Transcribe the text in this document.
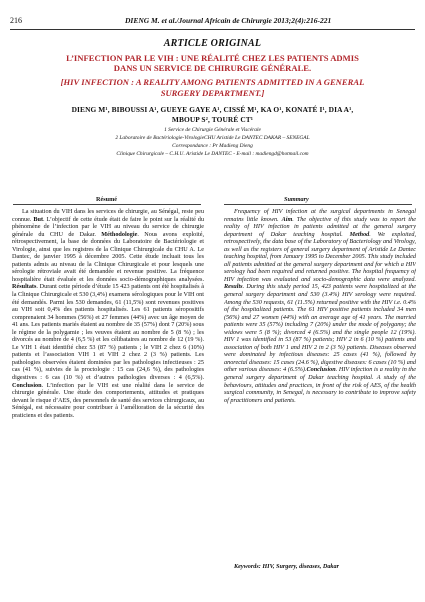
216	DIENG M. et al./Journal Africain de Chirurgie 2013;2(4):216-221
ARTICLE ORIGINAL
L’INFECTION PAR LE VIH : UNE RÉALITÉ CHEZ LES PATIENTS ADMIS
DANS UN SERVICE DE CHIRURGIE GÉNÉRALE.
[HIV INFECTION : A REALITY AMONG PATIENTS ADMITTED IN A GENERAL
SURGERY DEPARTMENT.]
DIENG M¹, BIBOUSSI A¹, GUEYE GAYE A¹, CISSÉ M¹, KA O¹, KONATÉ I¹, DIA A¹,
MBOUP S², TOURÉ CT¹
1 Service de Chirurgie Générale et Viscérale
2 Laboratoire de Bactériologie-VirologieCHU Aristide Le DANTEC DAKAR – SENEGAL
Correspondance : Pr Madieng Dieng
Clinique Chirurgicale – C.H.U. Aristide Le DANTEC - E-mail : madiengd@hotmail.com
Résumé

La situation du VIH dans les services de chirurgie, au Sénégal, reste peu connue. But. L’objectif de cette étude était de faire le point sur la réalité du phénomène de l’infection par le VIH au niveau du service de chirurgie générale du CHU de Dakar. Méthodologie. Nous avons exploité, rétrospectivement, la base de données du Laboratoire de Bactériologie et Virologie, ainsi que les registres de la Clinique Chirurgicale du CHU A. Le Dantec, de janvier 1995 à décembre 2005. Cette étude incluait tous les patients admis au niveau de la Clinique Chirurgicale et pour lesquels une sérologie rétroviale avait été demandée et revenue positive. La fréquence hospitalière était évaluée et les données socio-démographiques analysées. Résultats. Durant cette période d’étude 15 423 patients ont été hospitalisés à la Clinique Chirurgicale et 530 (3,4%) examens sérologiques pour le VIH ont été demandés. Parmi les 530 demandes, 61 (11,5%) sont revenues positives au VIH soit 0,4% des patients hospitalisés. Les 61 patients séropositifs comprenaient 34 hommes (56%) et 27 femmes (44%) avec un âge moyen de 41 ans. Les patients mariés étaient au nombre de 35 (57%) dont 7 (20%) sous le régime de la polygamie ; les veuves étaient au nombre de 5 (8 %) ; les divorcés au nombre de 4 (6,5 %) et les célibataires au nombre de 12 (19 %). Le VIH 1 était identifié chez 53 (87 %) patients ; le VIH 2 chez 6 (10%) patients et l’association VIH 1 et VIH 2 chez 2 (3 %) patients. Les pathologies observées étaient dominées par les pathologies infectieuses : 25 cas (41 %), suivies de la proctologie : 15 cas (24,6 %), des pathologies digestives : 6 cas (10 %) et d’autres pathologies diverses : 4 (6,5%). Conclusion. L’infection par le VIH est une réalité dans le service de chirurgie générale. Une étude des comportements, attitudes et pratiques devant le risque d’AES, des personnels de santé des services chirurgicaux, au Sénégal, est nécessaire pour contribuer à l’amélioration de la sécurité des praticiens et des patients.

Summary

Frequency of HIV infection at the surgical departments in Senegal remains little known. Aim. The objective of this study was to report the reality of HIV infection in patients admitted at the general surgery department of Dakar teaching hospital. Method. We exploited, retrospectively, the data base of the Laboratory of Bacteriology and Virology, as well as the registers of general surgery department of Aristide Le Dantec teaching hospital, from January 1995 to December 2005. This study included all patients admitted at the general surgery department and for which a HIV serology had been required and returned positive. The hospital frequency of HIV infection was evaluated and socio-demographic data were analyzed. Results. During this study period 15, 423 patients were hospitalized at the general surgery department and 530 (3.4%) HIV serology were required. Among the 530 requests, 61 (11.5%) returned positive with the HIV i.e. 0.4% of the hospitalized patients. The 61 HIV positive patients included 34 men (56%) and 27 women (44%) with an average age of 41 years. The married patients were 35 (57%) including 7 (20%) under the mode of polygamy; the widows were 5 (8 %); divorced 4 (6.5%) and the single people 12 (19%). HIV 1 was identified in 53 (87 %) patients; HIV 2 in 6 (10 %) patients and association of both HIV 1 and HIV 2 in 2 (3 %) patients. Diseases observed were dominated by infectious diseases: 25 cases (41 %), followed by anorectal diseases: 15 cases (24.6 %), digestive diseases: 6 cases (10 %) and other various diseases: 4 (6.5%).Conclusion. HIV infection is a reality in the general surgery department of Dakar teaching hospital. A study of the behaviours, attitudes and practices, in front of the risk of AES, of the health surgical community, in Senegal, is necessary to contribute to improve safety of practitioners and patients.

Keywords: HIV, Surgery, diseases, Dakar
